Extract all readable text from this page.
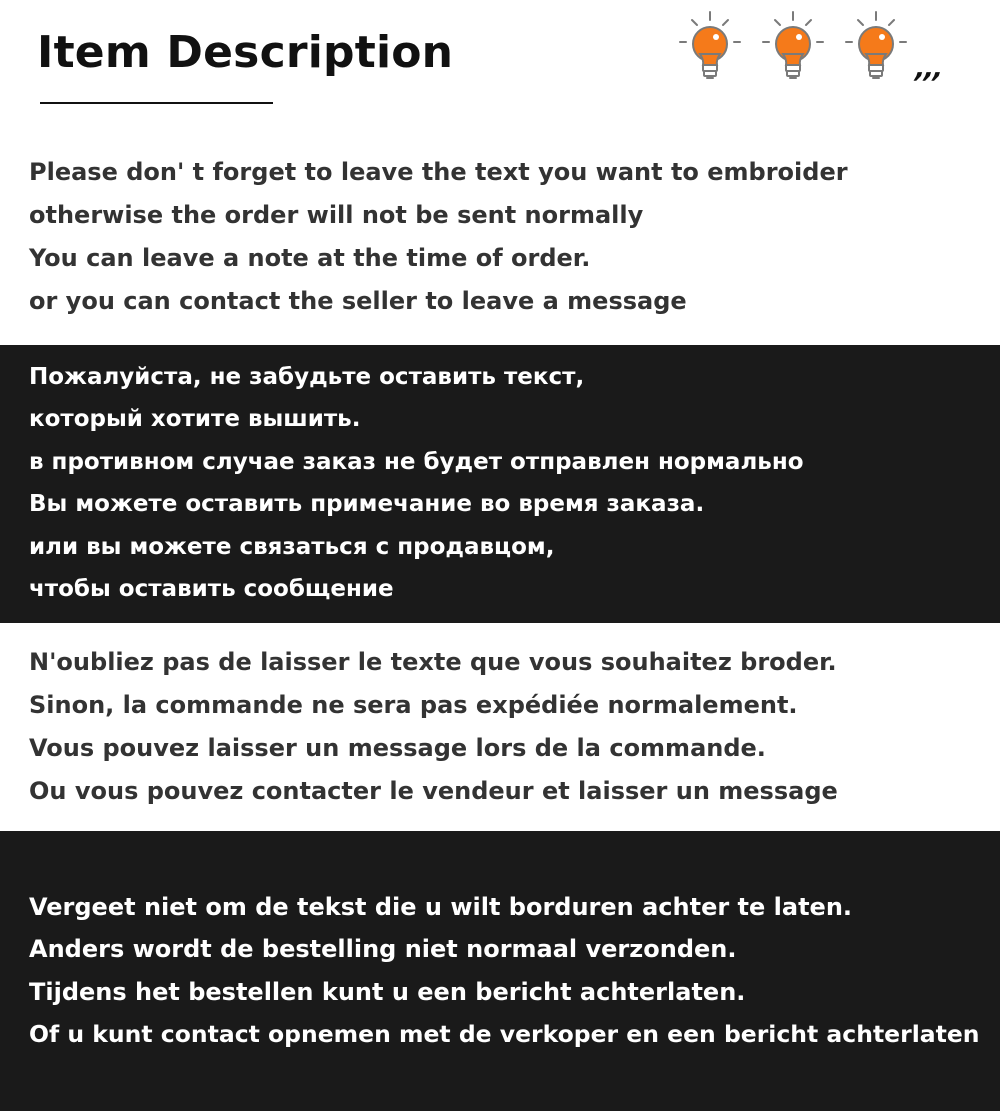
Item Description	,,,

Please don' t forget to leave the text you want to embroider

otherwise the order will not be sent normally

You can leave a note at the time of order.

or you can contact the seller to leave a message

Пожалуйста, не забудьте оставить текст,

который хотите вышить.

в противном случае заказ не будет отправлен нормально

Вы можете оставить примечание во время заказа.

или вы можете связаться с продавцом,

чтобы оставить сообщение

N'oubliez pas de laisser le texte que vous souhaitez broder.

Sinon, la commande ne sera pas expédiée normalement.

Vous pouvez laisser un message lors de la commande.

Ou vous pouvez contacter le vendeur et laisser un message

Vergeet niet om de tekst die u wilt borduren achter te laten.

Anders wordt de bestelling niet normaal verzonden.

Tijdens het bestellen kunt u een bericht achterlaten.

Of u kunt contact opnemen met de verkoper en een bericht achterlaten
